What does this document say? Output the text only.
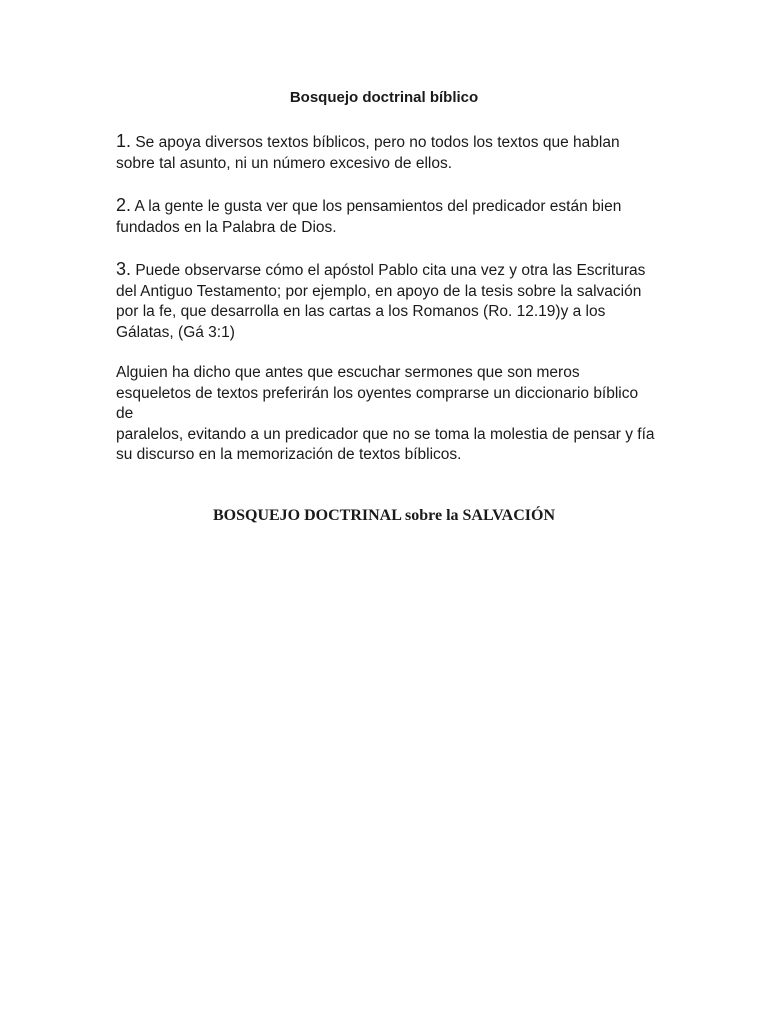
Bosquejo doctrinal bíblico

1. Se apoya diversos textos bíblicos, pero no todos los textos que hablan sobre tal asunto, ni un número excesivo de ellos.

2. A la gente le gusta ver que los pensamientos del predicador están bien fundados en la Palabra de Dios.

3. Puede observarse cómo el apóstol Pablo cita una vez y otra las Escrituras del Antiguo Testamento; por ejemplo, en apoyo de la tesis sobre la salvación por la fe, que desarrolla en las cartas a los Romanos (Ro. 12.19)y a los Gálatas, (Gá 3:1)

Alguien ha dicho que antes que escuchar sermones que son meros esqueletos de textos preferirán los oyentes comprarse un diccionario bíblico de
paralelos, evitando a un predicador que no se toma la molestia de pensar y fía su discurso en la memorización de textos bíblicos.

BOSQUEJO DOCTRINAL sobre la SALVACIÓN
